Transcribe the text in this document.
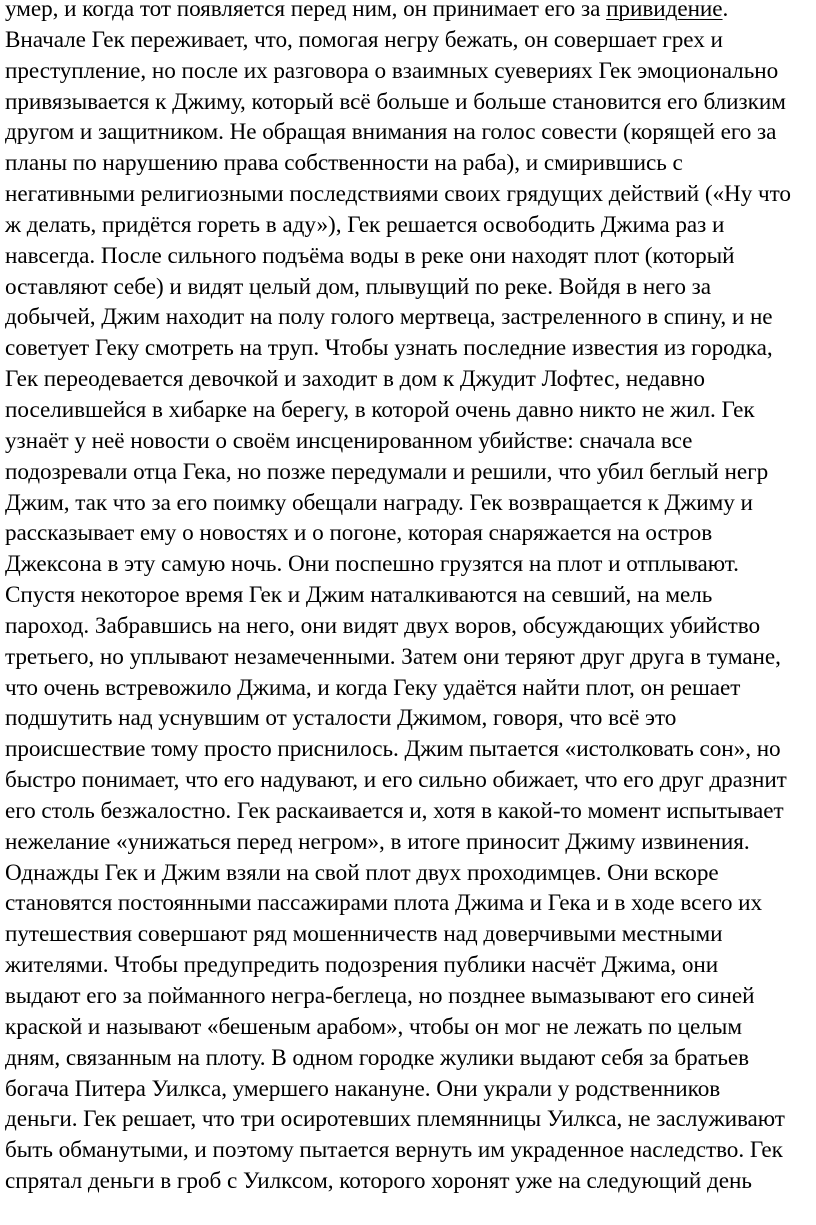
умер, и когда тот появляется перед ним, он принимает его за привидение.
Вначале Гек переживает, что, помогая негру бежать, он совершает грех и
преступление, но после их разговора о взаимных суевериях Гек эмоционально
привязывается к Джиму, который всё больше и больше становится его близким
другом и защитником. Не обращая внимания на голос совести (корящей его за
планы по нарушению права собственности на раба), и смирившись с
негативными религиозными последствиями своих грядущих действий («Ну что
ж делать, придётся гореть в аду»), Гек решается освободить Джима раз и
навсегда. После сильного подъёма воды в реке они находят плот (который
оставляют себе) и видят целый дом, плывущий по реке. Войдя в него за
добычей, Джим находит на полу голого мертвеца, застреленного в спину, и не
советует Геку смотреть на труп. Чтобы узнать последние известия из городка,
Гек переодевается девочкой и заходит в дом к Джудит Лофтес, недавно
поселившейся в хибарке на берегу, в которой очень давно никто не жил. Гек
узнаёт у неё новости о своём инсценированном убийстве: сначала все
подозревали отца Гека, но позже передумали и решили, что убил беглый негр
Джим, так что за его поимку обещали награду. Гек возвращается к Джиму и
рассказывает ему о новостях и о погоне, которая снаряжается на остров
Джексона в эту самую ночь. Они поспешно грузятся на плот и отплывают.
Спустя некоторое время Гек и Джим наталкиваются на севший, на мель
пароход. Забравшись на него, они видят двух воров, обсуждающих убийство
третьего, но уплывают незамеченными. Затем они теряют друг друга в тумане,
что очень встревожило Джима, и когда Геку удаётся найти плот, он решает
подшутить над уснувшим от усталости Джимом, говоря, что всё это
происшествие тому просто приснилось. Джим пытается «истолковать сон», но
быстро понимает, что его надувают, и его сильно обижает, что его друг дразнит
его столь безжалостно. Гек раскаивается и, хотя в какой-то момент испытывает
нежелание «унижаться перед негром», в итоге приносит Джиму извинения.
Однажды Гек и Джим взяли на свой плот двух проходимцев. Они вскоре
становятся постоянными пассажирами плота Джима и Гека и в ходе всего их
путешествия совершают ряд мошенничеств над доверчивыми местными
жителями. Чтобы предупредить подозрения публики насчёт Джима, они
выдают его за пойманного негра-беглеца, но позднее вымазывают его синей
краской и называют «бешеным арабом», чтобы он мог не лежать по целым
дням, связанным на плоту. В одном городке жулики выдают себя за братьев
богача Питера Уилкса, умершего накануне. Они украли у родственников
деньги. Гек решает, что три осиротевших племянницы Уилкса, не заслуживают
быть обманутыми, и поэтому пытается вернуть им украденное наследство. Гек
спрятал деньги в гроб с Уилксом, которого хоронят уже на следующий день
